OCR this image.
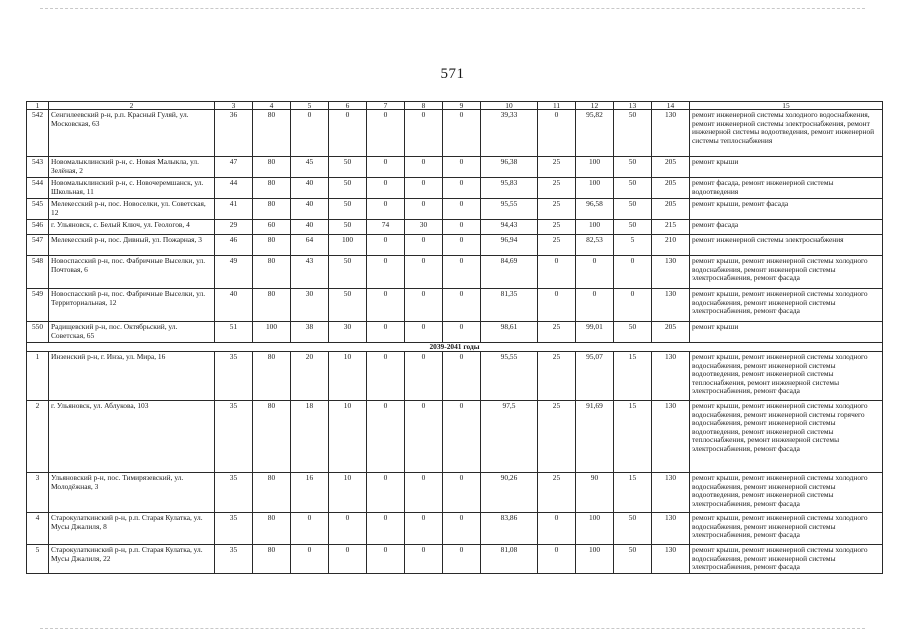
571
1	2	3	4	5	6	7	8	9	10	11	12	13	14	15
542	Сенгилеевский р-н, р.п. Красный Гуляй, ул. Московская, 63	36	80	0	0	0	0	0	39,33	0	95,82	50	130	ремонт инженерной системы холодного водоснабжения, ремонт инженерной системы электроснабжения, ремонт инженерной системы водоотведения, ремонт инженерной системы теплоснабжения
543	Новомалыклинский р-н, с. Новая Малыкла, ул. Зелёная, 2	47	80	45	50	0	0	0	96,38	25	100	50	205	ремонт крыши
544	Новомалыклинский р-н, с. Новочеремшанск, ул. Школьная, 11	44	80	40	50	0	0	0	95,83	25	100	50	205	ремонт фасада, ремонт инженерной системы водоотведения
545	Мелекесский р-н, пос. Новоселки, ул. Советская, 12	41	80	40	50	0	0	0	95,55	25	96,58	50	205	ремонт крыши, ремонт фасада
546	г. Ульяновск, с. Белый Ключ, ул. Геологов, 4	29	60	40	50	74	30	0	94,43	25	100	50	215	ремонт фасада
547	Мелекесский р-н, пос. Дивный, ул. Пожарная, 3	46	80	64	100	0	0	0	96,94	25	82,53	5	210	ремонт инженерной системы электроснабжения
548	Новоспасский р-н, пос. Фабричные Выселки, ул. Почтовая, 6	49	80	43	50	0	0	0	84,69	0	0	0	130	ремонт крыши, ремонт инженерной системы холодного водоснабжения, ремонт инженерной системы электроснабжения, ремонт фасада
549	Новоспасский р-н, пос. Фабричные Выселки, ул. Территориальная, 12	40	80	30	50	0	0	0	81,35	0	0	0	130	ремонт крыши, ремонт инженерной системы холодного водоснабжения, ремонт инженерной системы электроснабжения, ремонт фасада
550	Радищевский р-н, пос. Октябрьский, ул. Советская, 65	51	100	38	30	0	0	0	98,61	25	99,01	50	205	ремонт крыши
2039-2041 годы														
1	Инзенский р-н, г. Инза, ул. Мира, 16	35	80	20	10	0	0	0	95,55	25	95,07	15	130	ремонт крыши, ремонт инженерной системы холодного водоснабжения, ремонт инженерной системы водоотведения, ремонт инженерной системы теплоснабжения, ремонт инженерной системы электроснабжения, ремонт фасада
2	г. Ульяновск, ул. Аблукова, 103	35	80	18	10	0	0	0	97,5	25	91,69	15	130	ремонт крыши, ремонт инженерной системы холодного водоснабжения, ремонт инженерной системы горячего водоснабжения, ремонт инженерной системы водоотведения, ремонт инженерной системы теплоснабжения, ремонт инженерной системы электроснабжения, ремонт фасада
3	Ульяновский р-н, пос. Тимирязевский, ул. Молодёжная, 3	35	80	16	10	0	0	0	90,26	25	90	15	130	ремонт крыши, ремонт инженерной системы холодного водоснабжения, ремонт инженерной системы водоотведения, ремонт инженерной системы электроснабжения, ремонт фасада
4	Старокулаткинский р-н, р.п. Старая Кулатка, ул. Мусы Джалиля, 8	35	80	0	0	0	0	0	83,86	0	100	50	130	ремонт крыши, ремонт инженерной системы холодного водоснабжения, ремонт инженерной системы электроснабжения, ремонт фасада
5	Старокулаткинский р-н, р.п. Старая Кулатка, ул. Мусы Джалиля, 22	35	80	0	0	0	0	0	81,08	0	100	50	130	ремонт крыши, ремонт инженерной системы холодного водоснабжения, ремонт инженерной системы электроснабжения, ремонт фасада
